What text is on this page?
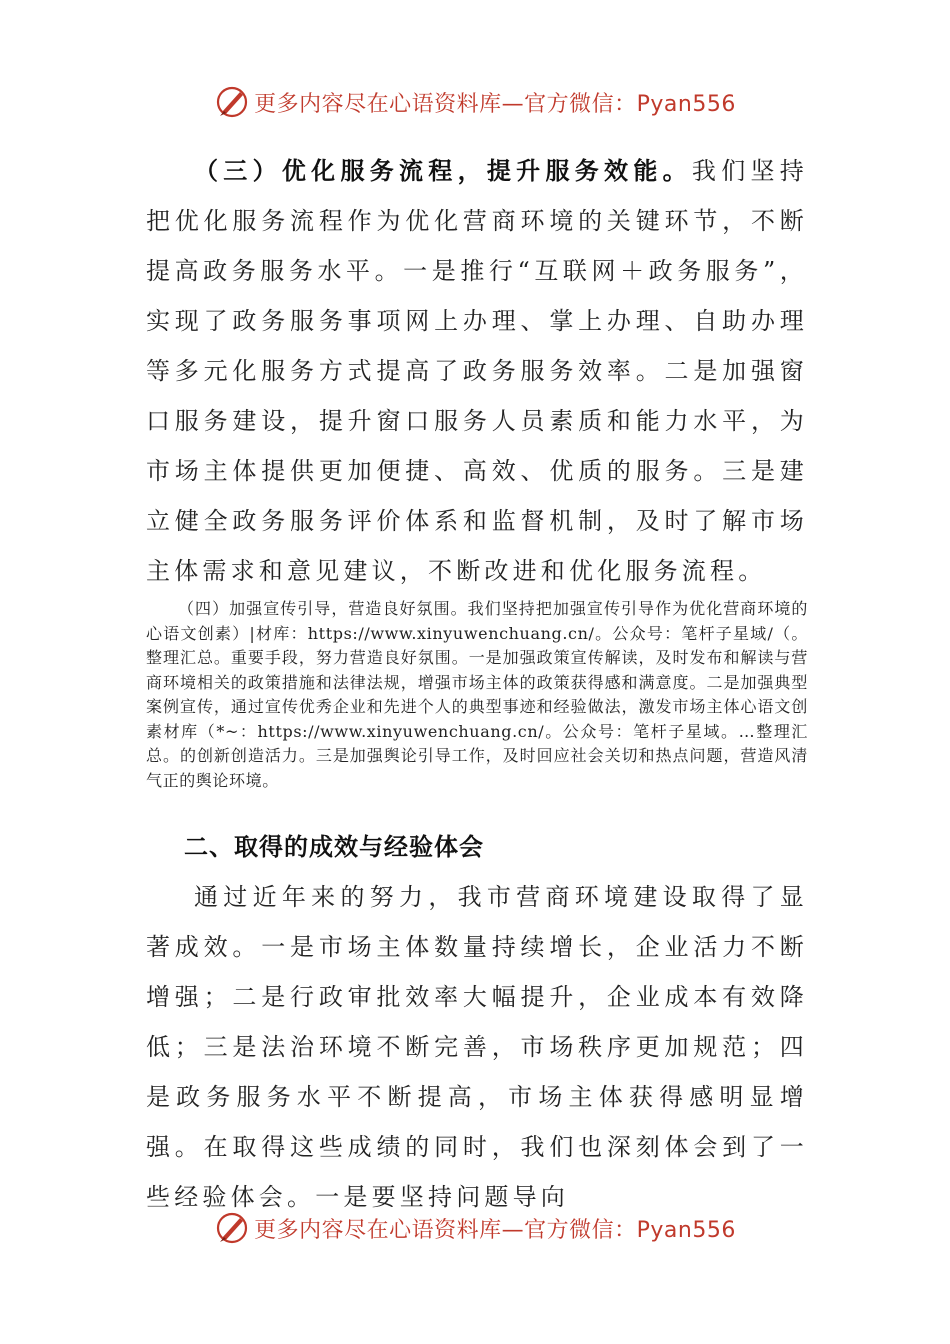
更多内容尽在心语资料库—官方微信：Pyan556

（三）优化服务流程，提升服务效能。我们坚持把优化服务流程作为优化营商环境的关键环节，不断提高政务服务水平。一是推行“互联网＋政务服务”，实现了政务服务事项网上办理、掌上办理、自助办理等多元化服务方式提高了政务服务效率。二是加强窗口服务建设，提升窗口服务人员素质和能力水平，为市场主体提供更加便捷、高效、优质的服务。三是建立健全政务服务评价体系和监督机制，及时了解市场主体需求和意见建议，不断改进和优化服务流程。

（四）加强宣传引导，营造良好氛围。我们坚持把加强宣传引导作为优化营商环境的心语文创素）|材库：https://www.xinyuwenchuang.cn/。公众号：笔杆子星域/（。整理汇总。重要手段，努力营造良好氛围。一是加强政策宣传解读，及时发布和解读与营商环境相关的政策措施和法律法规，增强市场主体的政策获得感和满意度。二是加强典型案例宣传，通过宣传优秀企业和先进个人的典型事迹和经验做法，激发市场主体心语文创素材库（*~：https://www.xinyuwenchuang.cn/。公众号：笔杆子星域。…整理汇总。的创新创造活力。三是加强舆论引导工作，及时回应社会关切和热点问题，营造风清气正的舆论环境。

二、取得的成效与经验体会

通过近年来的努力，我市营商环境建设取得了显著成效。一是市场主体数量持续增长，企业活力不断增强；二是行政审批效率大幅提升，企业成本有效降低；三是法治环境不断完善，市场秩序更加规范；四是政务服务水平不断提高，市场主体获得感明显增强。在取得这些成绩的同时，我们也深刻体会到了一些经验体会。一是要坚持问题导向

更多内容尽在心语资料库—官方微信：Pyan556
